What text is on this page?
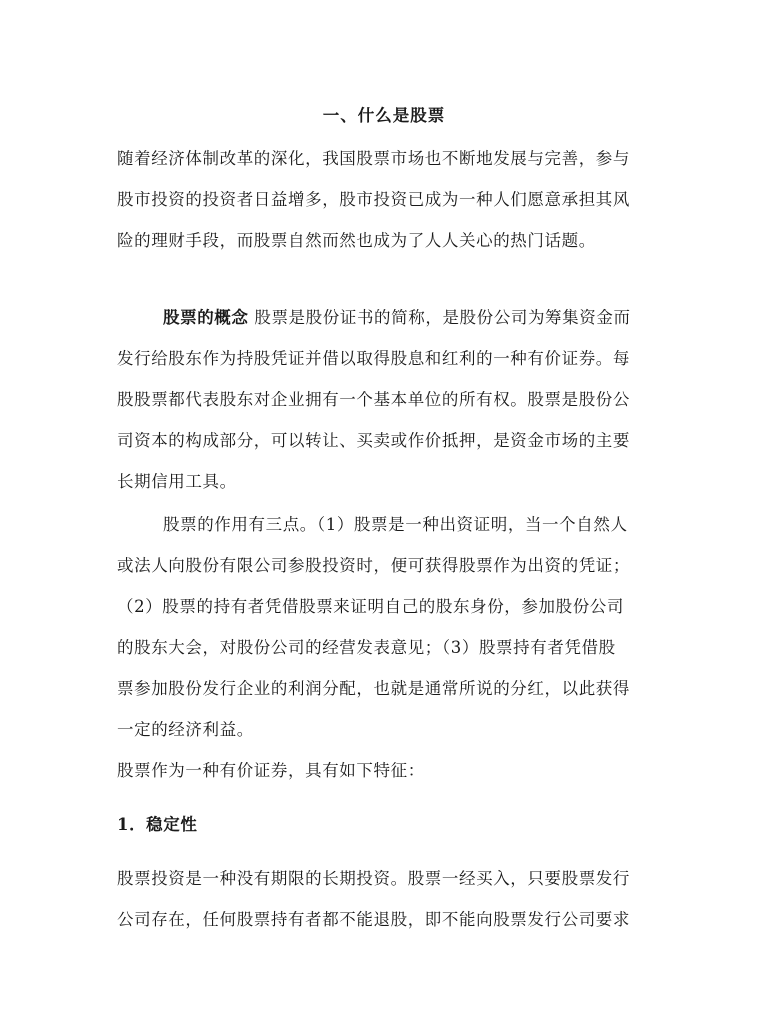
一、什么是股票
随着经济体制改革的深化，我国股票市场也不断地发展与完善，参与
股市投资的投资者日益增多，股市投资已成为一种人们愿意承担其风
险的理财手段，而股票自然而然也成为了人人关心的热门话题。
股票的概念 股票是股份证书的简称，是股份公司为筹集资金而
发行给股东作为持股凭证并借以取得股息和红利的一种有价证券。每
股股票都代表股东对企业拥有一个基本单位的所有权。股票是股份公
司资本的构成部分，可以转让、买卖或作价抵押，是资金市场的主要
长期信用工具。
股票的作用有三点。（1）股票是一种出资证明，当一个自然人
或法人向股份有限公司参股投资时，便可获得股票作为出资的凭证；
（2）股票的持有者凭借股票来证明自己的股东身份，参加股份公司
的股东大会，对股份公司的经营发表意见；（3）股票持有者凭借股
票参加股份发行企业的利润分配，也就是通常所说的分红，以此获得
一定的经济利益。
股票作为一种有价证券，具有如下特征：
1．稳定性
股票投资是一种没有期限的长期投资。股票一经买入，只要股票发行
公司存在，任何股票持有者都不能退股，即不能向股票发行公司要求
